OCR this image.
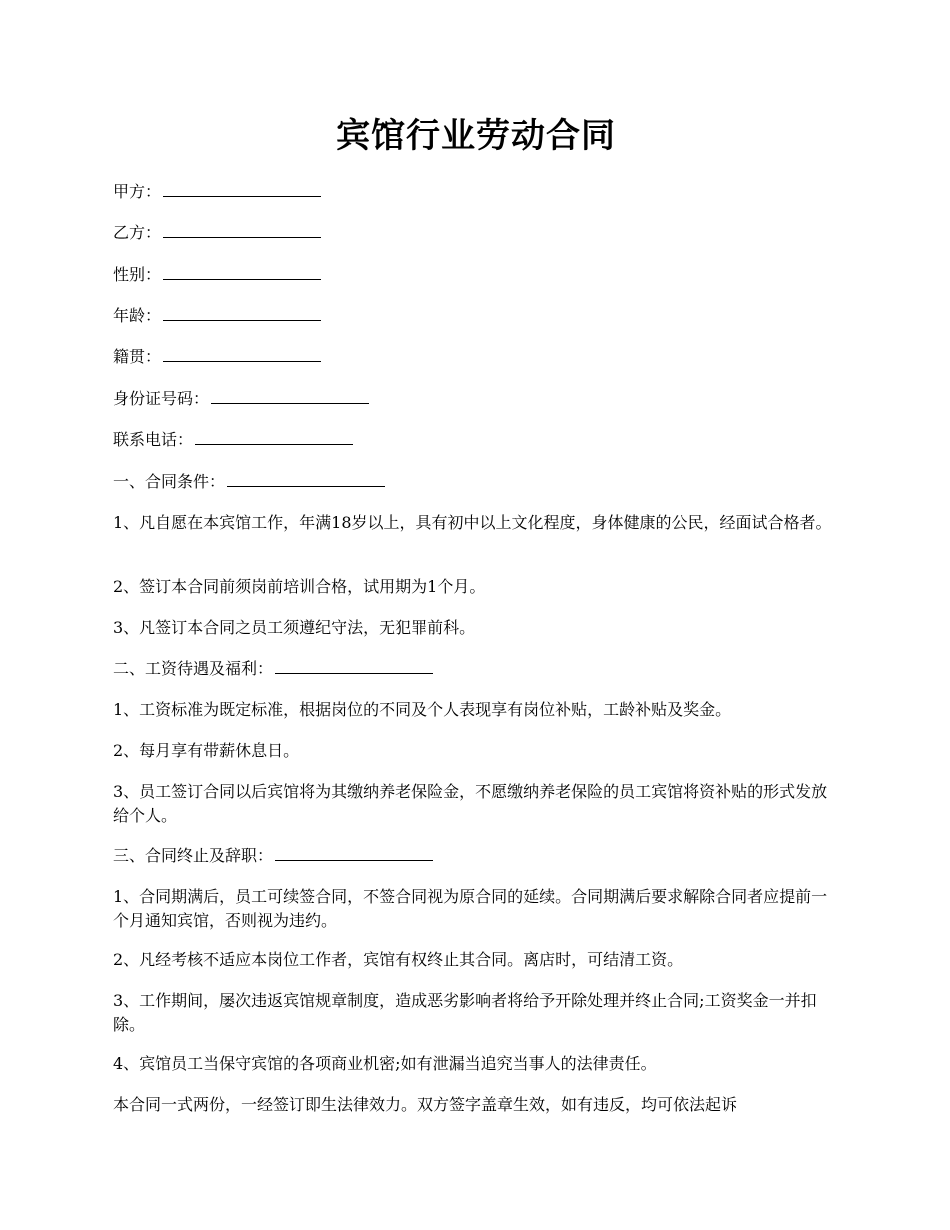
宾馆行业劳动合同

甲方：

乙方：

性别：

年龄：

籍贯：

身份证号码：

联系电话：

一、合同条件：

1、凡自愿在本宾馆工作，年满18岁以上，具有初中以上文化程度，身体健康的公民，经面试合格者。

2、签订本合同前须岗前培训合格，试用期为1个月。

3、凡签订本合同之员工须遵纪守法，无犯罪前科。

二、工资待遇及福利：

1、工资标准为既定标准，根据岗位的不同及个人表现享有岗位补贴，工龄补贴及奖金。

2、每月享有带薪休息日。

3、员工签订合同以后宾馆将为其缴纳养老保险金，不愿缴纳养老保险的员工宾馆将资补贴的形式发放给个人。

三、合同终止及辞职：

1、合同期满后，员工可续签合同，不签合同视为原合同的延续。合同期满后要求解除合同者应提前一个月通知宾馆，否则视为违约。

2、凡经考核不适应本岗位工作者，宾馆有权终止其合同。离店时，可结清工资。

3、工作期间，屡次违返宾馆规章制度，造成恶劣影响者将给予开除处理并终止合同;工资奖金一并扣除。

4、宾馆员工当保守宾馆的各项商业机密;如有泄漏当追究当事人的法律责任。

本合同一式两份，一经签订即生法律效力。双方签字盖章生效，如有违反，均可依法起诉
